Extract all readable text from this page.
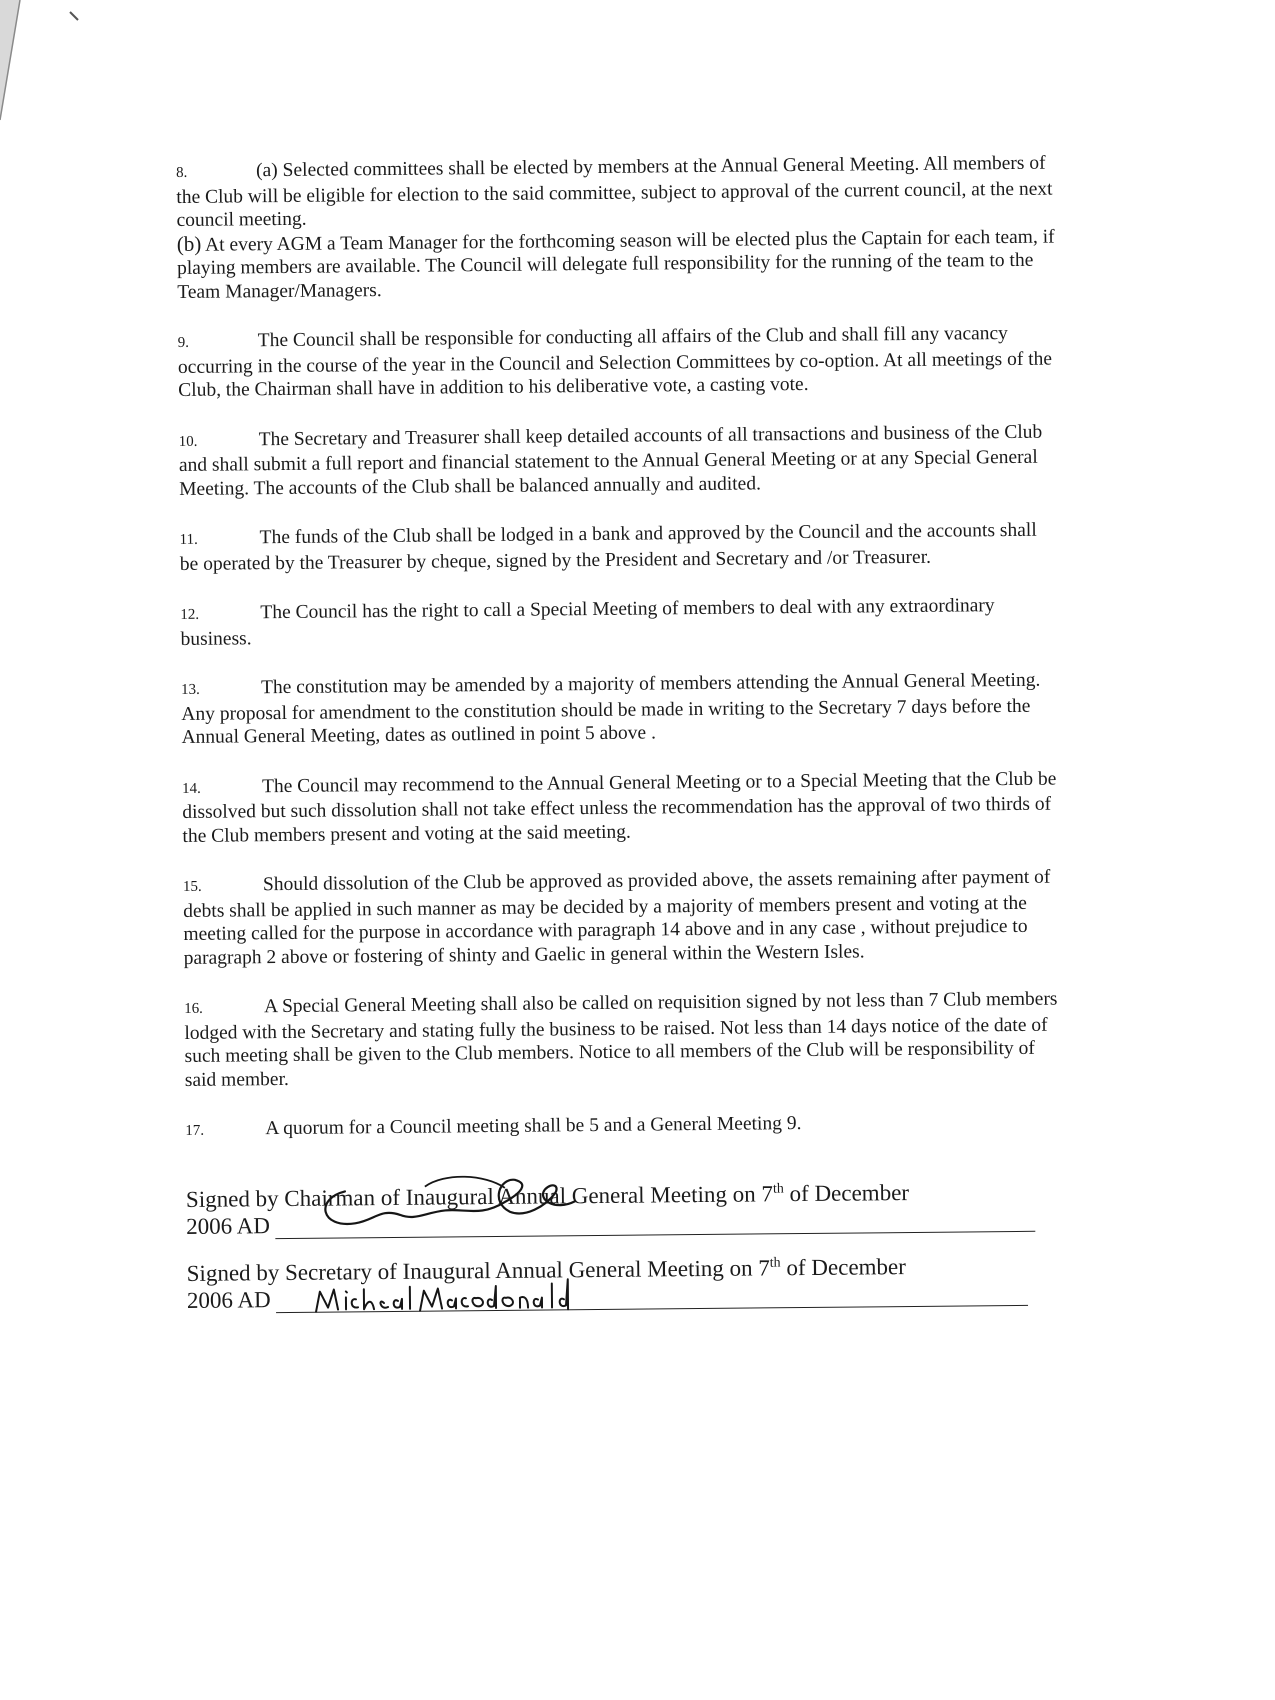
8.	(a) Selected committees shall be elected by members at the Annual General Meeting. All members of the Club will be eligible for election to the said committee, subject to approval of the current council, at the next council meeting.

(b) At every AGM a Team Manager for the forthcoming season will be elected plus the Captain for each team, if playing members are available. The Council will delegate full responsibility for the running of the team to the Team Manager/Managers.

9.	The Council shall be responsible for conducting all affairs of the Club and shall fill any vacancy occurring in the course of the year in the Council and Selection Committees by co-option. At all meetings of the Club, the Chairman shall have in addition to his deliberative vote, a casting vote.

10.	The Secretary and Treasurer shall keep detailed accounts of all transactions and business of the Club and shall submit a full report and financial statement to the Annual General Meeting or at any Special General Meeting. The accounts of the Club shall be balanced annually and audited.

11.	The funds of the Club shall be lodged in a bank and approved by the Council and the accounts shall be operated by the Treasurer by cheque, signed by the President and Secretary and /or Treasurer.

12.	The Council has the right to call a Special Meeting of members to deal with any extraordinary business.

13.	The constitution may be amended by a majority of members attending the Annual General Meeting. Any proposal for amendment to the constitution should be made in writing to the Secretary 7 days before the Annual General Meeting, dates as outlined in point 5 above .

14.	The Council may recommend to the Annual General Meeting or to a Special Meeting that the Club be dissolved but such dissolution shall not take effect unless the recommendation has the approval of two thirds of the Club members present and voting at the said meeting.

15.	Should dissolution of the Club be approved as provided above, the assets remaining after payment of debts shall be applied in such manner as may be decided by a majority of members present and voting at the meeting called for the purpose in accordance with paragraph 14 above and in any case , without prejudice to paragraph 2 above or fostering of shinty and Gaelic in general within the Western Isles.

16.	A Special General Meeting shall also be called on requisition signed by not less than 7 Club members lodged with the Secretary and stating fully the business to be raised. Not less than 14 days notice of the date of such meeting shall be given to the Club members. Notice to all members of the Club will be responsibility of said member.

17.	A quorum for a Council meeting shall be 5 and a General Meeting 9.

Signed by Chairman of Inaugural Annual General Meeting on 7th of December
2006 AD
Signed by Secretary of Inaugural Annual General Meeting on 7th of December
2006 AD
